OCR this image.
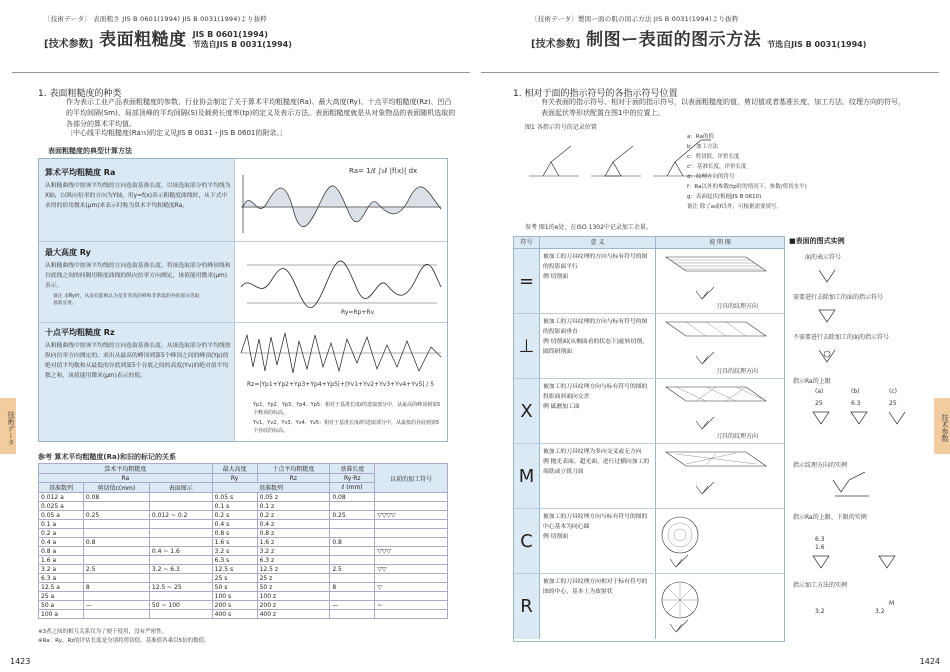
〔技術データ〕 表面粗さ JIS B 0601(1994) JIS B 0031(1994)より抜粋
[技术参数] 表面粗糙度 JIS B 0601(1994)
节选自JIS B 0031(1994)
1. 表面粗糙度的种类
作为表示工业产品表面粗糙度的参数，行业协会制定了关于算术平均粗糙度(Ra)、最大高度(Ry)、十点平均粗糙度(Rz)、凹凸的平均间隔(Sm)、局部顶峰的平均间隔(S)及载荷长度率(tp)的定义及表示方法。表面粗糙度就是从对象物品的表面随机选取的各部分的算术平均值。
〔中心线平均粗糙度(Ra₇₅)的定义见JIS B 0031・JIS B 0601的附录。〕
表面粗糙度的典型计算方法
算术平均粗糙度 Ra
从粗糙曲线中按该平均线的方向选取基准长度，以该选取部分的平均线为X轴，以纵向倍率的方向为Y轴，用y=f(x)表示粗糙度曲线时，从下式中求得的值用微米(μm)来表示时称为算术平均粗糙度Ra。
最大高度 Ry
从粗糙曲线中按该平均线的方向选取基准长度，将该选取部分的峰顶线和谷底线之间的间隔用粗度曲线的纵向倍率方向测定，该值能用微米(μm)表示。
备注 求Ry时，从没有能被认为是非常高的峰和非常低的谷的部分选取基准长度。
十点平均粗糙度 Rz
从粗糙曲线中按该平均线的方向选取基准长度，从该选取部分的平均线按纵向倍率方向测定的，求出从最高的峰顶到第5个峰顶之间的峰顶(Yp)的绝对值平均数和从最低的谷底到第5个谷底之间的高度(Yv)的绝对值平均数之和，该值能用微米(μm)表示的值。
Ra= 1/ℓ ∫₀ℓ |f(x)| dx
Ry=Rp+Rv
Rz=|Yp1+Yp2+Yp3+Yp4+Yp5|+|Yv1+Yv2+Yv3+Yv4+Yv5| / 5
Yp1、Yp2、Yp3、Yp4、Yp5：相对于基准长度ℓ的选取部分中，从最高的峰顶到第5个峰顶的标高。
Yv1、Yv2、Yv3、Yv4、Yv5：相对于基准长度ℓ的选取部分中，从最低的谷底到第5个谷底的标高。
参考 算术平均粗糙度(Ra)和旧的标记的关系
算术平均粗糙度			最大高度	十点平均粗糙度	基准长度	以前的加工符号
Ra			Ry	Rz	Ry·Rz	
基准数列	剪切值c(mm)	表面图示	基准数列		ℓ (mm)	
0.012 a	0.08		0.05 s	0.05 z	0.08	
0.025 a			0.1 s	0.1 z		
0.05 a	0.25	0.012 ~ 0.2	0.2 s	0.2 z	0.25	▽▽▽▽
0.1 a			0.4 s	0.4 z		
0.2 a			0.8 s	0.8 z		
0.4 a	0.8		1.6 s	1.6 z	0.8	
0.8 a		0.4 ~ 1.6	3.2 s	3.2 z		▽▽▽
1.6 a			6.3 s	6.3 z		
3.2 a	2.5	3.2 ~ 6.3	12.5 s	12.5 z	2.5	▽▽
6.3 a			25 s	25 z		
12.5 a	8	12.5 ~ 25	50 s	50 z	8	▽
25 a			100 s	100 z		
50 a	—	50 ~ 100	200 s	200 z	—	~
100 a			400 s	400 z		
※3者之间的相互关系仅为了便于使用，没有严密性。
※Ra：Ry、Rz的评估长度是分别将剪切值、基准值各乘以5倍的数值。
技術データ
1423
〔技術データ〕製図ー面の肌の図示方法 JIS B 0031(1994)より抜粋
[技术参数] 制图ー表面的图示方法 节选自JIS B 0031(1994)
1. 相对于面的指示符号的各指示符号位置
有关表面的指示符号、相对于面的指示符号，以表面粗糙度的值，剪切值或者基准长度，加工方法、纹理方向的符号，表面起伏等形状配置在图1中的位置上。
图1 各指示符号的记录位置
a：Ra的值
b：加工方法
c：剪切值，评价长度
c'：基准长度，评价长度
d：纹理方向的符号
f：Ra以外的参数(tp时的情况下，参数/剪切水平)
g：表面起伏(根据JIS B 0610)
备注 除了a或f以外，可根据需要填写。
参考 图1的e处，在ISO 1302中记录加工余量。
符号	意 义	说 明 图
=
被加工的刀具纹理的方向与标有符号的图的投影面平行
例 切削面
刀具的纹理方向
⊥
被加工的刀具纹理的方向与标有符号的图的投影面垂直
例 切削面(从侧面看的状态下)旋转切削，圆筒研削面
刀具的纹理方向
X
被加工的刀具纹理方向与标有符号的图的投影面斜面向交差
例 砥磨加工面
刀具的纹理方向
M
被加工的刀具纹理为多向交叉或无方向
例 抛光表面，超光面，进行过横向加工的端铣或立铣刀面
C
被加工的刀具纹理方向与标有符号的图的中心基本为同心圆
例 切削面
R
被加工的刀具纹理方向相对于标有符号的图的中心，基本上为放射状
■表面的图式实例
面的表示符号
需要进行去除加工的面的指示符号
不需要进行去除加工的面的指示符号
指示Ra的上限
(a)	(b)	(c)
25	6.3	25
指示纹理方向的实例
指示Ra的上限、下限的实例
6.3
1.6
指示加工方法的实例
3.2
M
3.2
技术参数
1424
